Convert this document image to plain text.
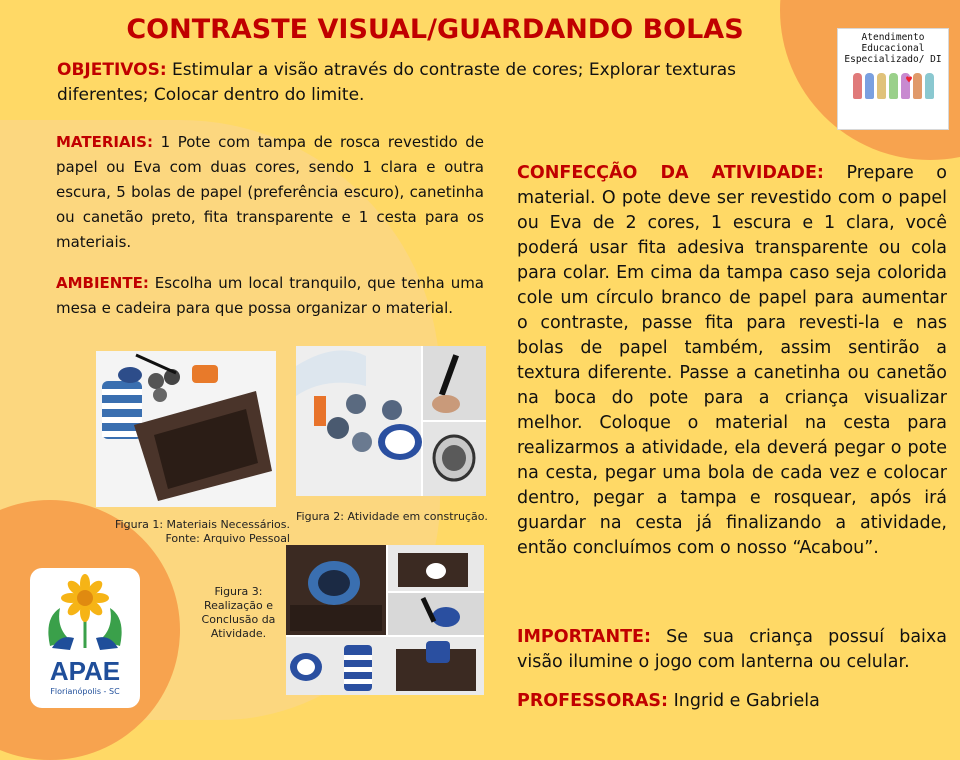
CONTRASTE VISUAL/GUARDANDO BOLAS
OBJETIVOS: Estimular a visão através do contraste de cores; Explorar texturas diferentes; Colocar dentro do limite.
Atendimento
Educacional
Especializado/ DI
♥
MATERIAIS: 1 Pote com tampa de rosca revestido de papel ou Eva com duas cores, sendo 1 clara e outra escura, 5 bolas de papel (preferência escuro), canetinha ou canetão preto, fita transparente e 1 cesta para os materiais.
AMBIENTE: Escolha um local tranquilo, que tenha uma mesa e cadeira para que possa organizar o material.
CONFECÇÃO DA ATIVIDADE: Prepare o material. O pote deve ser revestido com o papel ou Eva de 2 cores, 1 escura e 1 clara, você poderá usar fita adesiva transparente ou cola para colar. Em cima da tampa caso seja colorida cole um círculo branco de papel para aumentar o contraste, passe fita para revesti-la e nas bolas de papel também, assim sentirão a textura diferente. Passe a canetinha ou canetão na boca do pote para a criança visualizar melhor. Coloque o material na cesta para realizarmos a atividade, ela deverá pegar o pote na cesta, pegar uma bola de cada vez e colocar dentro, pegar a tampa e rosquear, após irá guardar na cesta já finalizando a atividade, então concluímos com o nosso “Acabou”.
IMPORTANTE: Se sua criança possuí baixa visão ilumine o jogo com lanterna ou celular.
PROFESSORAS: Ingrid e Gabriela
Figura 1: Materiais Necessários.
Fonte: Arquivo Pessoal
Figura 2: Atividade em construção.
Figura 3:
Realização e
Conclusão da
Atividade.
APAE
Florianópolis - SC
